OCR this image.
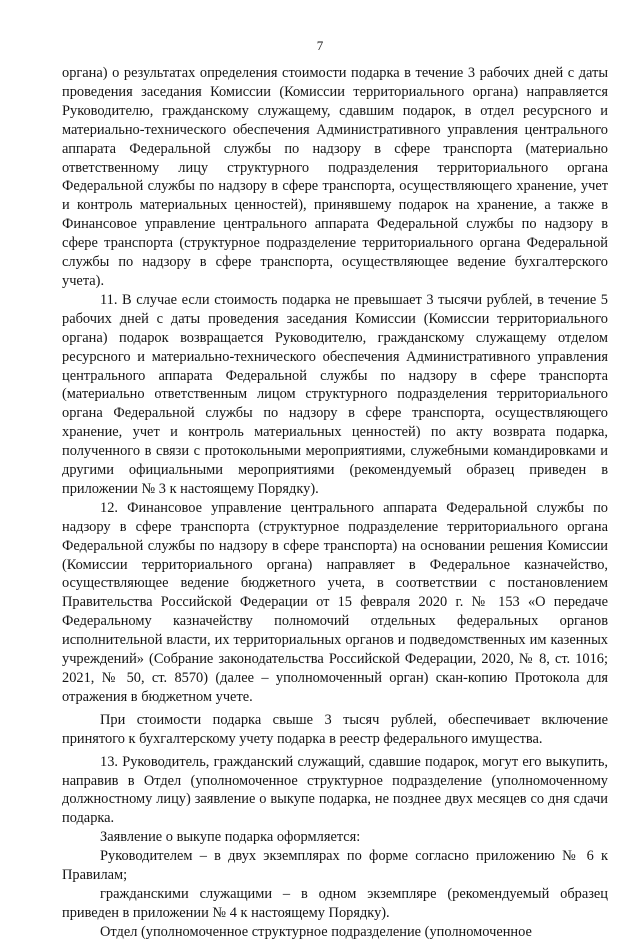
7

органа) о результатах определения стоимости подарка в течение 3 рабочих дней с даты проведения заседания Комиссии (Комиссии территориального органа) направляется Руководителю, гражданскому служащему, сдавшим подарок, в отдел ресурсного и материально-технического обеспечения Административного управления центрального аппарата Федеральной службы по надзору в сфере транспорта (материально ответственному лицу структурного подразделения территориального органа Федеральной службы по надзору в сфере транспорта, осуществляющего хранение, учет и контроль материальных ценностей), принявшему подарок на хранение, а также в Финансовое управление центрального аппарата Федеральной службы по надзору в сфере транспорта (структурное подразделение территориального органа Федеральной службы по надзору в сфере транспорта, осуществляющее ведение бухгалтерского учета).

11. В случае если стоимость подарка не превышает 3 тысячи рублей, в течение 5 рабочих дней с даты проведения заседания Комиссии (Комиссии территориального органа) подарок возвращается Руководителю, гражданскому служащему отделом ресурсного и материально-технического обеспечения Административного управления центрального аппарата Федеральной службы по надзору в сфере транспорта (материально ответственным лицом структурного подразделения территориального органа Федеральной службы по надзору в сфере транспорта, осуществляющего хранение, учет и контроль материальных ценностей) по акту возврата подарка, полученного в связи с протокольными мероприятиями, служебными командировками и другими официальными мероприятиями (рекомендуемый образец приведен в приложении № 3 к настоящему Порядку).

12. Финансовое управление центрального аппарата Федеральной службы по надзору в сфере транспорта (структурное подразделение территориального органа Федеральной службы по надзору в сфере транспорта) на основании решения Комиссии (Комиссии территориального органа) направляет в Федеральное казначейство, осуществляющее ведение бюджетного учета, в соответствии с постановлением Правительства Российской Федерации от 15 февраля 2020 г. № 153 «О передаче Федеральному казначейству полномочий отдельных федеральных органов исполнительной власти, их территориальных органов и подведомственных им казенных учреждений» (Собрание законодательства Российской Федерации, 2020, № 8, ст. 1016; 2021, № 50, ст. 8570) (далее – уполномоченный орган) скан-копию Протокола для отражения в бюджетном учете.

При стоимости подарка свыше 3 тысяч рублей, обеспечивает включение принятого к бухгалтерскому учету подарка в реестр федерального имущества.

13. Руководитель, гражданский служащий, сдавшие подарок, могут его выкупить, направив в Отдел (уполномоченное структурное подразделение (уполномоченному должностному лицу) заявление о выкупе подарка, не позднее двух месяцев со дня сдачи подарка.

Заявление о выкупе подарка оформляется:

Руководителем – в двух экземплярах по форме согласно приложению № 6 к Правилам;

гражданскими служащими – в одном экземпляре (рекомендуемый образец приведен в приложении № 4 к настоящему Порядку).

Отдел (уполномоченное структурное подразделение (уполномоченное
